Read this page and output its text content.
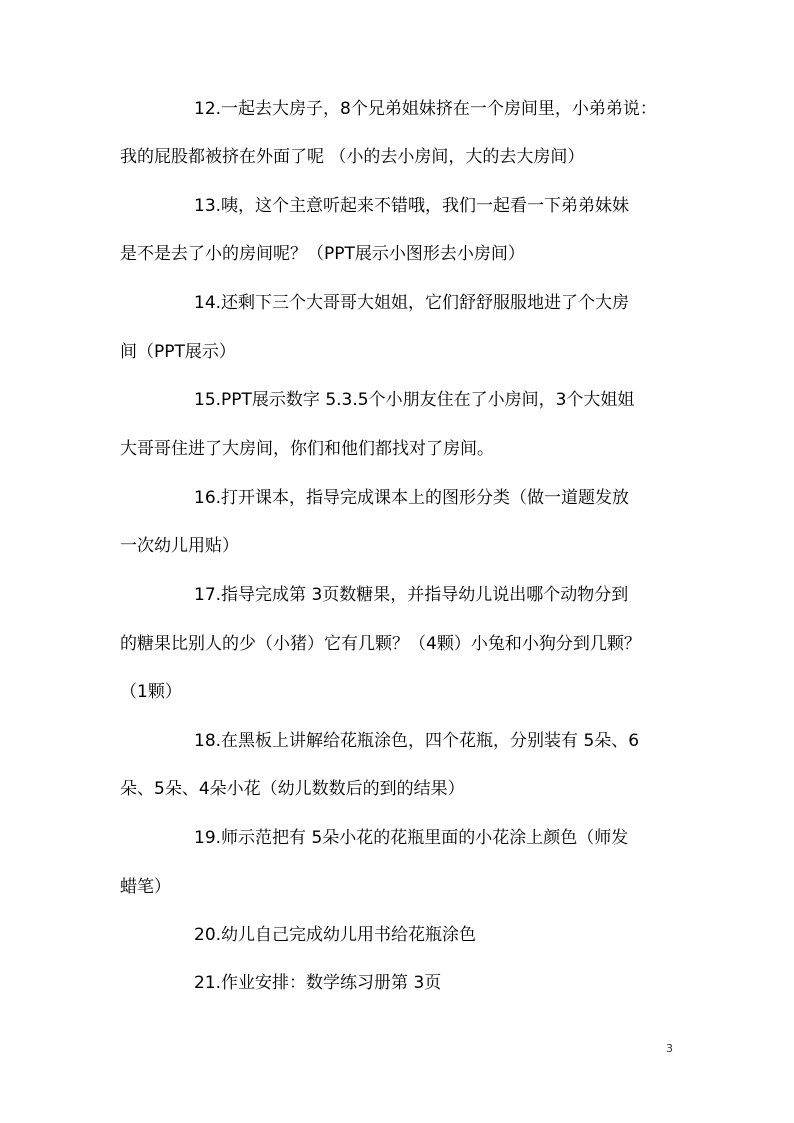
12.一起去大房子，8个兄弟姐妹挤在一个房间里，小弟弟说：
我的屁股都被挤在外面了呢 （小的去小房间，大的去大房间）
13.咦，这个主意听起来不错哦，我们一起看一下弟弟妹妹
是不是去了小的房间呢？（PPT展示小图形去小房间）
14.还剩下三个大哥哥大姐姐，它们舒舒服服地进了个大房
间（PPT展示）
15.PPT展示数字 5.3.5个小朋友住在了小房间，3个大姐姐
大哥哥住进了大房间，你们和他们都找对了房间。
16.打开课本，指导完成课本上的图形分类（做一道题发放
一次幼儿用贴）
17.指导完成第 3页数糖果，并指导幼儿说出哪个动物分到
的糖果比别人的少（小猪）它有几颗？（4颗）小兔和小狗分到几颗？
（1颗）
18.在黑板上讲解给花瓶涂色，四个花瓶，分别装有 5朵、6
朵、5朵、4朵小花（幼儿数数后的到的结果）
19.师示范把有 5朵小花的花瓶里面的小花涂上颜色（师发
蜡笔）
20.幼儿自己完成幼儿用书给花瓶涂色
21.作业安排：数学练习册第 3页
3
